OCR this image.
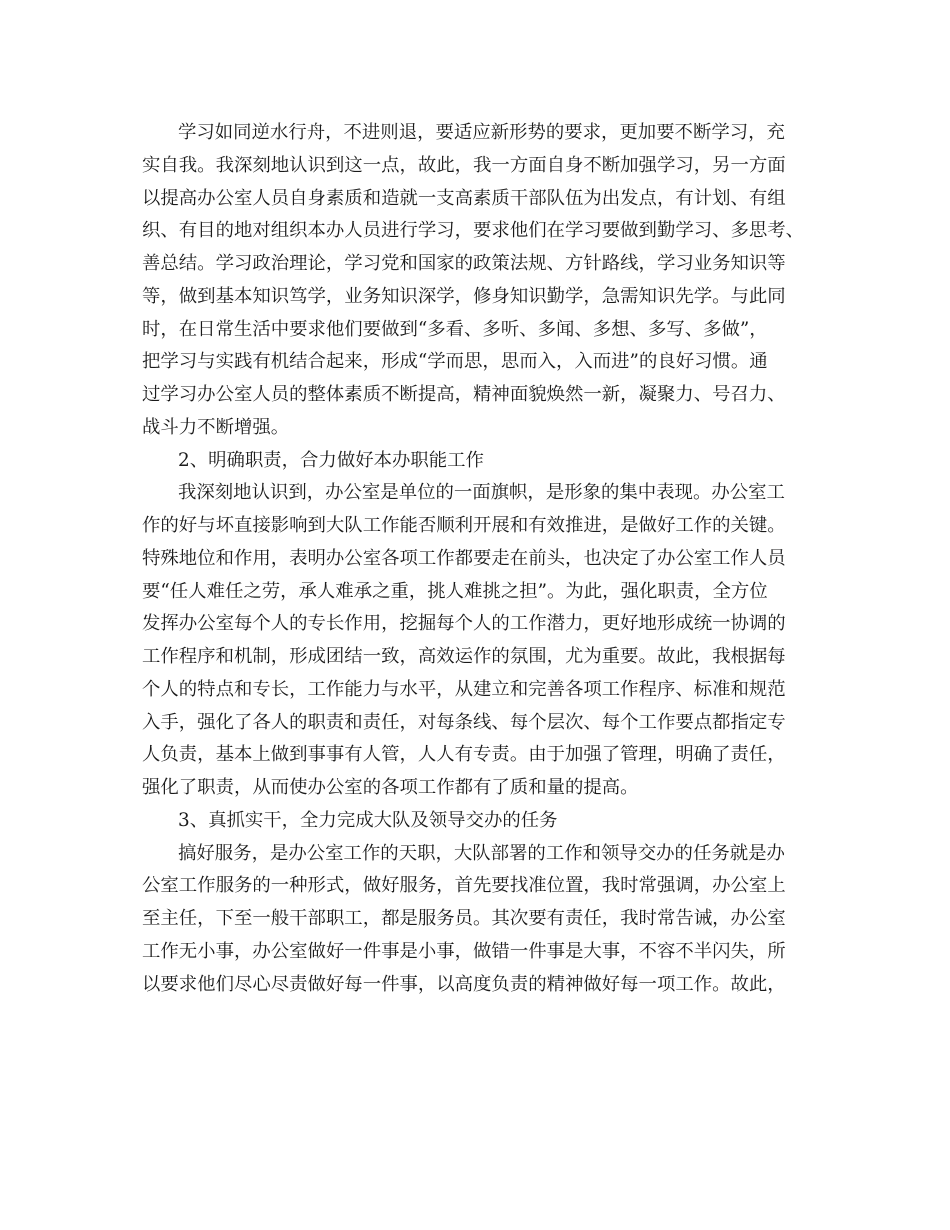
学习如同逆水行舟，不进则退，要适应新形势的要求，更加要不断学习，充
实自我。我深刻地认识到这一点，故此，我一方面自身不断加强学习，另一方面
以提高办公室人员自身素质和造就一支高素质干部队伍为出发点，有计划、有组
织、有目的地对组织本办人员进行学习，要求他们在学习要做到勤学习、多思考、
善总结。学习政治理论，学习党和国家的政策法规、方针路线，学习业务知识等
等，做到基本知识笃学，业务知识深学，修身知识勤学，急需知识先学。与此同
时，在日常生活中要求他们要做到“多看、多听、多闻、多想、多写、多做”，
把学习与实践有机结合起来，形成“学而思，思而入，入而进”的良好习惯。通
过学习办公室人员的整体素质不断提高，精神面貌焕然一新，凝聚力、号召力、
战斗力不断增强。
2、明确职责，合力做好本办职能工作
我深刻地认识到，办公室是单位的一面旗帜，是形象的集中表现。办公室工
作的好与坏直接影响到大队工作能否顺利开展和有效推进，是做好工作的关键。
特殊地位和作用，表明办公室各项工作都要走在前头，也决定了办公室工作人员
要“任人难任之劳，承人难承之重，挑人难挑之担”。为此，强化职责，全方位
发挥办公室每个人的专长作用，挖掘每个人的工作潜力，更好地形成统一协调的
工作程序和机制，形成团结一致，高效运作的氛围，尤为重要。故此，我根据每
个人的特点和专长，工作能力与水平，从建立和完善各项工作程序、标准和规范
入手，强化了各人的职责和责任，对每条线、每个层次、每个工作要点都指定专
人负责，基本上做到事事有人管，人人有专责。由于加强了管理，明确了责任，
强化了职责，从而使办公室的各项工作都有了质和量的提高。
3、真抓实干，全力完成大队及领导交办的任务
搞好服务，是办公室工作的天职，大队部署的工作和领导交办的任务就是办
公室工作服务的一种形式，做好服务，首先要找准位置，我时常强调，办公室上
至主任，下至一般干部职工，都是服务员。其次要有责任，我时常告诫，办公室
工作无小事，办公室做好一件事是小事，做错一件事是大事，不容不半闪失，所
以要求他们尽心尽责做好每一件事，以高度负责的精神做好每一项工作。故此，
